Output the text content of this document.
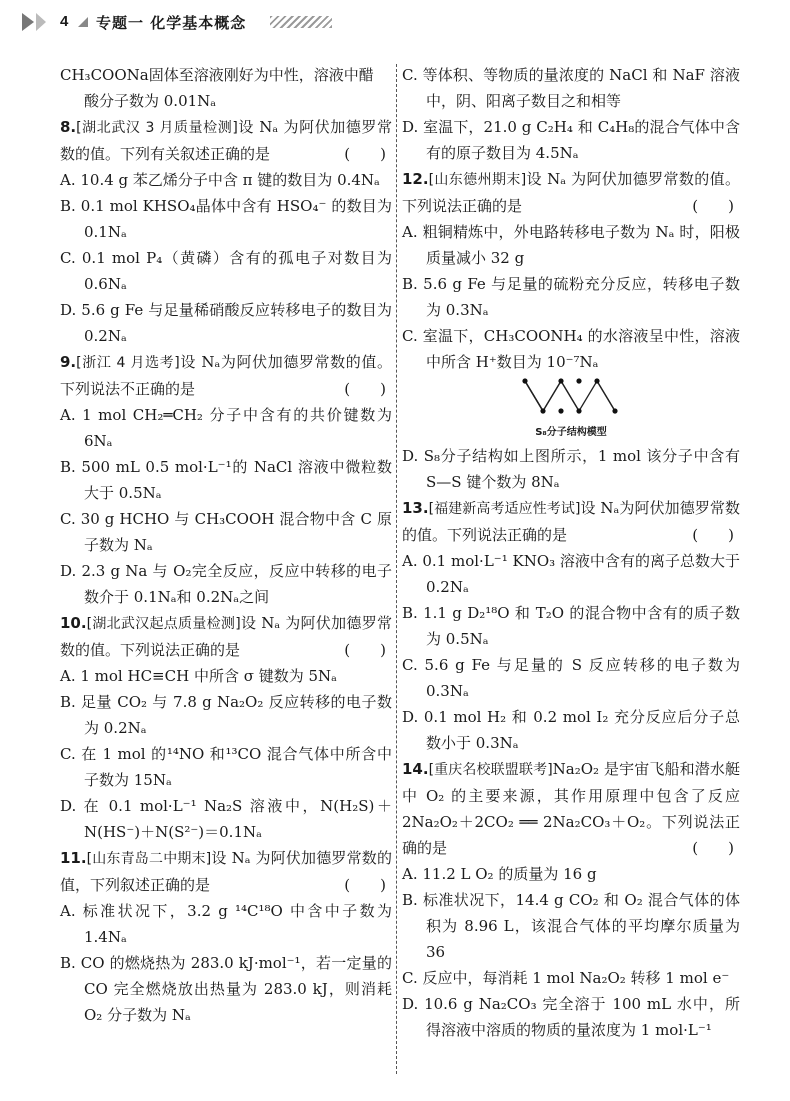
4 专题一 化学基本概念
CH₃COONa固体至溶液刚好为中性，溶液中醋
酸分子数为 0.01Nₐ
8.[湖北武汉 3 月质量检测]设 Nₐ 为阿伏加德罗常数的值。下列有关叙述正确的是	(　　)
A. 10.4 g 苯乙烯分子中含 π 键的数目为 0.4Nₐ
B. 0.1 mol KHSO₄晶体中含有 HSO₄⁻ 的数目为 0.1Nₐ
C. 0.1 mol P₄（黄磷）含有的孤电子对数目为 0.6Nₐ
D. 5.6 g Fe 与足量稀硝酸反应转移电子的数目为 0.2Nₐ
9.[浙江 4 月选考]设 Nₐ为阿伏加德罗常数的值。下列说法不正确的是	(　　)
A. 1 mol CH₂═CH₂ 分子中含有的共价键数为 6Nₐ
B. 500 mL 0.5 mol·L⁻¹的 NaCl 溶液中微粒数大于 0.5Nₐ
C. 30 g HCHO 与 CH₃COOH 混合物中含 C 原子数为 Nₐ
D. 2.3 g Na 与 O₂完全反应，反应中转移的电子数介于 0.1Nₐ和 0.2Nₐ之间
10.[湖北武汉起点质量检测]设 Nₐ 为阿伏加德罗常数的值。下列说法正确的是	(　　)
A. 1 mol HC≡CH 中所含 σ 键数为 5Nₐ
B. 足量 CO₂ 与 7.8 g Na₂O₂ 反应转移的电子数为 0.2Nₐ
C. 在 1 mol 的¹⁴NO 和¹³CO 混合气体中所含中子数为 15Nₐ
D. 在 0.1 mol·L⁻¹ Na₂S 溶液中，N(H₂S)＋N(HS⁻)＋N(S²⁻)＝0.1Nₐ
11.[山东青岛二中期末]设 Nₐ 为阿伏加德罗常数的值，下列叙述正确的是	(　　)
A. 标准状况下，3.2 g ¹⁴C¹⁸O 中含中子数为 1.4Nₐ
B. CO 的燃烧热为 283.0 kJ·mol⁻¹，若一定量的 CO 完全燃烧放出热量为 283.0 kJ，则消耗 O₂ 分子数为 Nₐ
C. 等体积、等物质的量浓度的 NaCl 和 NaF 溶液中，阴、阳离子数目之和相等
D. 室温下，21.0 g C₂H₄ 和 C₄H₈的混合气体中含有的原子数目为 4.5Nₐ
12.[山东德州期末]设 Nₐ 为阿伏加德罗常数的值。下列说法正确的是	(　　)
A. 粗铜精炼中，外电路转移电子数为 Nₐ 时，阳极质量减小 32 g
B. 5.6 g Fe 与足量的硫粉充分反应，转移电子数为 0.3Nₐ
C. 室温下，CH₃COONH₄ 的水溶液呈中性，溶液中所含 H⁺数目为 10⁻⁷Nₐ
S₈分子结构模型
D. S₈分子结构如上图所示，1 mol 该分子中含有 S—S 键个数为 8Nₐ
13.[福建新高考适应性考试]设 Nₐ为阿伏加德罗常数的值。下列说法正确的是	(　　)
A. 0.1 mol·L⁻¹ KNO₃ 溶液中含有的离子总数大于 0.2Nₐ
B. 1.1 g D₂¹⁸O 和 T₂O 的混合物中含有的质子数为 0.5Nₐ
C. 5.6 g Fe 与足量的 S 反应转移的电子数为 0.3Nₐ
D. 0.1 mol H₂ 和 0.2 mol I₂ 充分反应后分子总数小于 0.3Nₐ
14.[重庆名校联盟联考]Na₂O₂ 是宇宙飞船和潜水艇中 O₂ 的主要来源，其作用原理中包含了反应 2Na₂O₂＋2CO₂ ══ 2Na₂CO₃＋O₂。下列说法正确的是	(　　)
A. 11.2 L O₂ 的质量为 16 g
B. 标准状况下，14.4 g CO₂ 和 O₂ 混合气体的体积为 8.96 L，该混合气体的平均摩尔质量为 36
C. 反应中，每消耗 1 mol Na₂O₂ 转移 1 mol e⁻
D. 10.6 g Na₂CO₃ 完全溶于 100 mL 水中，所得溶液中溶质的物质的量浓度为 1 mol·L⁻¹
